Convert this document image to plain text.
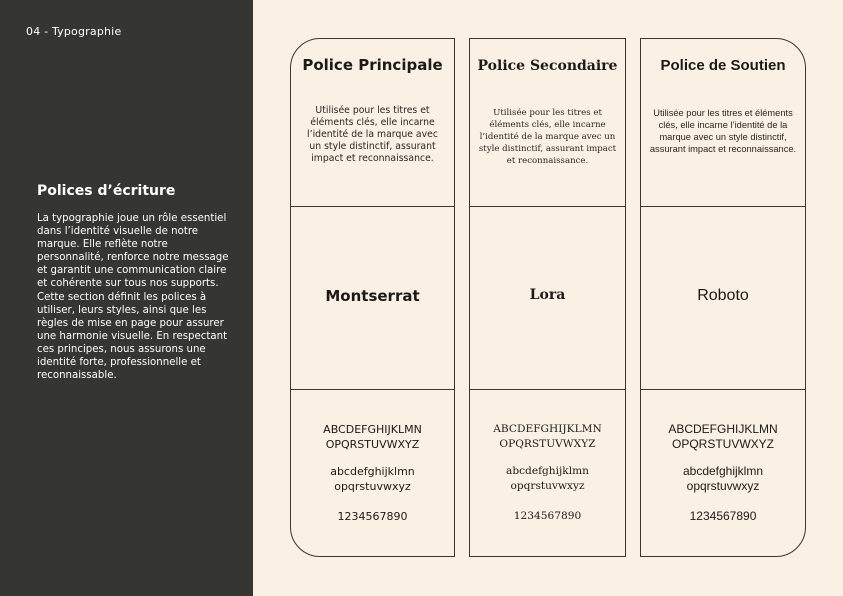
04 - Typographie
Polices d’écriture

La typographie joue un rôle essentiel dans l’identité visuelle de notre marque. Elle reflète notre personnalité, renforce notre message et garantit une communication claire et cohérente sur tous nos supports. Cette section définit les polices à utiliser, leurs styles, ainsi que les règles de mise en page pour assurer une harmonie visuelle. En respectant ces principes, nous assurons une identité forte, professionnelle et reconnaissable.

Police Principale

Utilisée pour les titres et éléments clés, elle incarne l’identité de la marque avec un style distinctif, assurant impact et reconnaissance.

Montserrat
ABCDEFGHIJKLMN
OPQRSTUVWXYZ
abcdefghijklmn
opqrstuvwxyz
1234567890
Police Secondaire

Utilisée pour les titres et éléments clés, elle incarne l’identité de la marque avec un style distinctif, assurant impact et reconnaissance.

Lora
ABCDEFGHIJKLMN
OPQRSTUVWXYZ
abcdefghijklmn
opqrstuvwxyz
1234567890
Police de Soutien

Utilisée pour les titres et éléments clés, elle incarne l’identité de la marque avec un style distinctif, assurant impact et reconnaissance.

Roboto
ABCDEFGHIJKLMN
OPQRSTUVWXYZ
abcdefghijklmn
opqrstuvwxyz
1234567890
